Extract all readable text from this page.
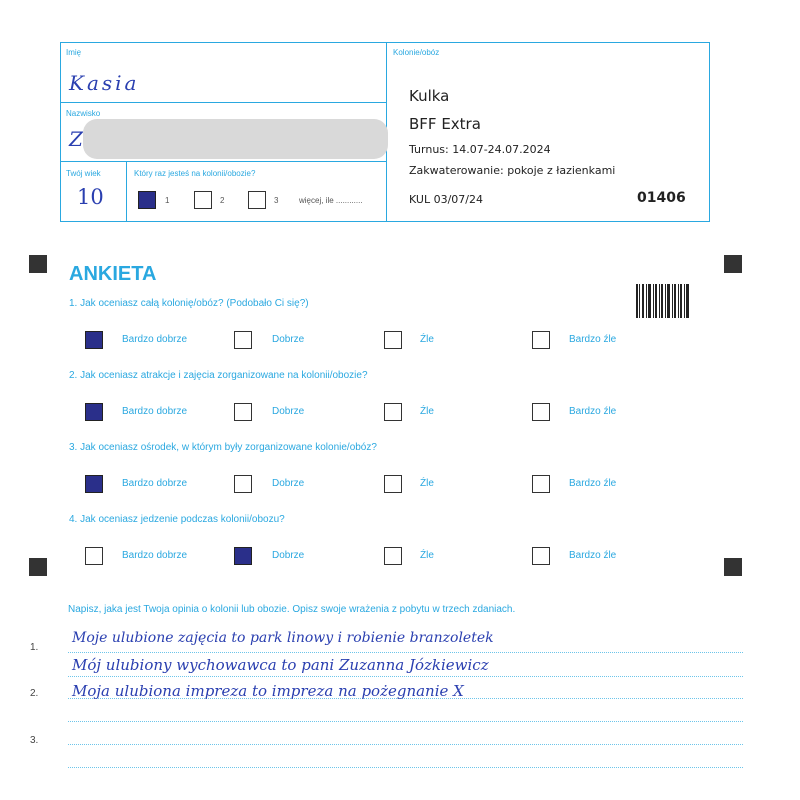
Imię
Kasia
Nazwisko
Z
Twój wiek
10
Który raz jesteś na kolonii/obozie?
1	2	3	więcej, ile ............
Kolonie/obóz
Kulka
BFF Extra
Turnus: 14.07-24.07.2024
Zakwaterowanie: pokoje z łazienkami
KUL 03/07/24	01406
ANKIETA
1. Jak oceniasz całą kolonię/obóz? (Podobało Ci się?)
Bardzo dobrze	Dobrze	Źle	Bardzo źle
2. Jak oceniasz atrakcje i zajęcia zorganizowane na kolonii/obozie?
Bardzo dobrze	Dobrze	Źle	Bardzo źle
3. Jak oceniasz ośrodek, w którym były zorganizowane kolonie/obóz?
Bardzo dobrze	Dobrze	Źle	Bardzo źle
4. Jak oceniasz jedzenie podczas kolonii/obozu?
Bardzo dobrze	Dobrze	Źle	Bardzo źle
Napisz, jaka jest Twoja opinia o kolonii lub obozie. Opisz swoje wrażenia z pobytu w trzech zdaniach.
1.
2.
3.
Moje ulubione zajęcia to park linowy i robienie branzoletek
Mój ulubiony wychowawca to pani Zuzanna Józkiewicz
Moja ulubiona impreza to impreza na pożegnanie X
